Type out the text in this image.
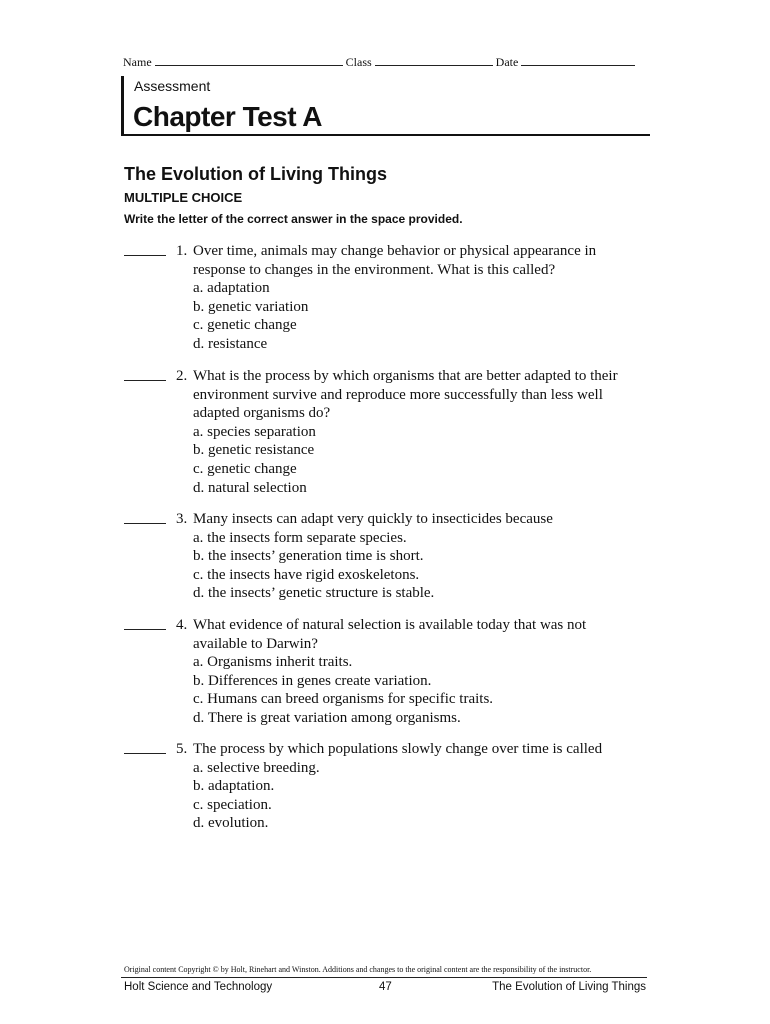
Name	Class	Date
Assessment
Chapter Test A
The Evolution of Living Things
MULTIPLE CHOICE
Write the letter of the correct answer in the space provided.
1. Over time, animals may change behavior or physical appearance in
response to changes in the environment. What is this called?
a. adaptation
b. genetic variation
c. genetic change
d. resistance
2. What is the process by which organisms that are better adapted to their
environment survive and reproduce more successfully than less well
adapted organisms do?
a. species separation
b. genetic resistance
c. genetic change
d. natural selection
3. Many insects can adapt very quickly to insecticides because
a. the insects form separate species.
b. the insects’ generation time is short.
c. the insects have rigid exoskeletons.
d. the insects’ genetic structure is stable.
4. What evidence of natural selection is available today that was not
available to Darwin?
a. Organisms inherit traits.
b. Differences in genes create variation.
c. Humans can breed organisms for specific traits.
d. There is great variation among organisms.
5. The process by which populations slowly change over time is called
a. selective breeding.
b. adaptation.
c. speciation.
d. evolution.
Original content Copyright © by Holt, Rinehart and Winston. Additions and changes to the original content are the responsibility of the instructor.
Holt Science and Technology	47	The Evolution of Living Things
